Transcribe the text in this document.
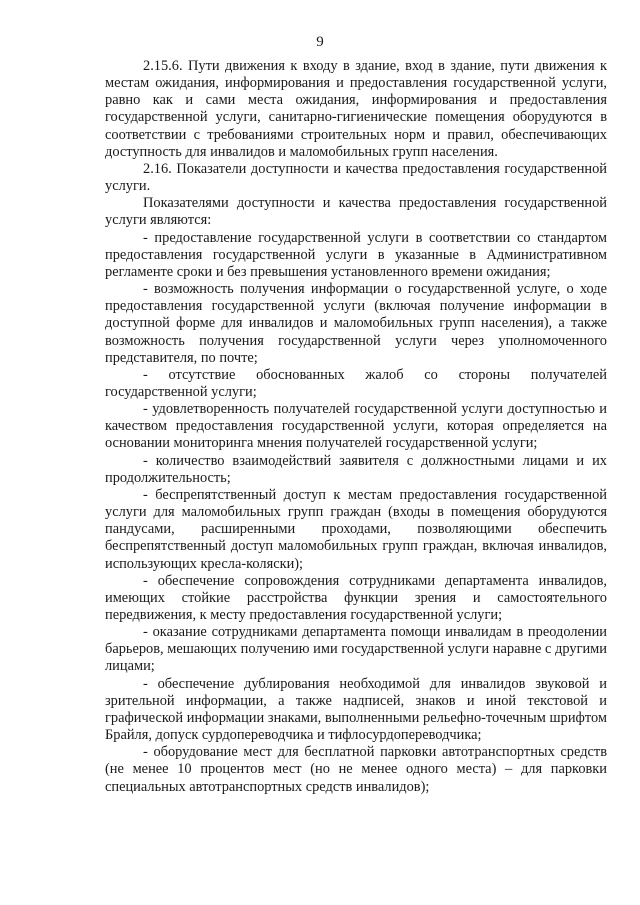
9

2.15.6. Пути движения к входу в здание, вход в здание, пути движения к местам ожидания, информирования и предоставления государственной услуги, равно как и сами места ожидания, информирования и предоставления государственной услуги, санитарно-гигиенические помещения оборудуются в соответствии с требованиями строительных норм и правил, обеспечивающих доступность для инвалидов и маломобильных групп населения.

2.16. Показатели доступности и качества предоставления государственной услуги.

Показателями доступности и качества предоставления государственной услуги являются:

- предоставление государственной услуги в соответствии со стандартом предоставления государственной услуги в указанные в Административном регламенте сроки и без превышения установленного времени ожидания;

- возможность получения информации о государственной услуге, о ходе предоставления государственной услуги (включая получение информации в доступной форме для инвалидов и маломобильных групп населения), а также возможность получения государственной услуги через уполномоченного представителя, по почте;

- отсутствие обоснованных жалоб со стороны получателей государственной услуги;

- удовлетворенность получателей государственной услуги доступностью и качеством предоставления государственной услуги, которая определяется на основании мониторинга мнения получателей государственной услуги;

- количество взаимодействий заявителя с должностными лицами и их продолжительность;

- беспрепятственный доступ к местам предоставления государственной услуги для маломобильных групп граждан (входы в помещения оборудуются пандусами, расширенными проходами, позволяющими обеспечить беспрепятственный доступ маломобильных групп граждан, включая инвалидов, использующих кресла-коляски);

- обеспечение сопровождения сотрудниками департамента инвалидов, имеющих стойкие расстройства функции зрения и самостоятельного передвижения, к месту предоставления государственной услуги;

- оказание сотрудниками департамента помощи инвалидам в преодолении барьеров, мешающих получению ими государственной услуги наравне с другими лицами;

- обеспечение дублирования необходимой для инвалидов звуковой и зрительной информации, а также надписей, знаков и иной текстовой и графической информации знаками, выполненными рельефно-точечным шрифтом Брайля, допуск сурдопереводчика и тифлосурдопереводчика;

- оборудование мест для бесплатной парковки автотранспортных средств (не менее 10 процентов мест (но не менее одного места) – для парковки специальных автотранспортных средств инвалидов);
